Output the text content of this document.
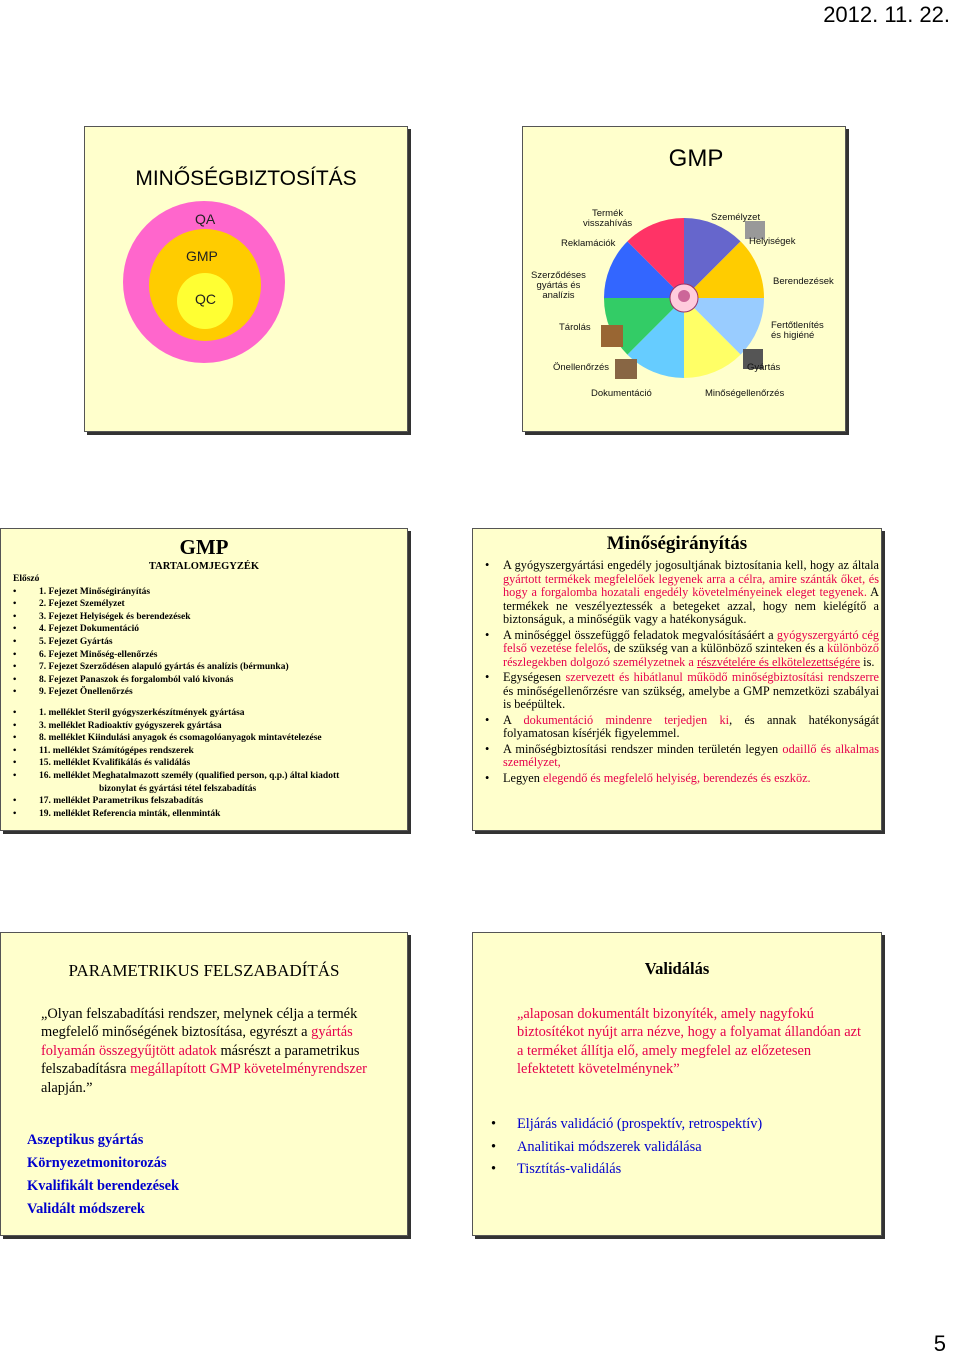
2012. 11. 22.
MINŐSÉGBIZTOSÍTÁS
QA
GMP
QC
GMP
Termék
visszahívás
Személyzet
Reklamációk	Helyiségek
Szerződéses
gyártás és
analízis
Berendezések
Tárolás	Fertőtlenítés
és higiéné
Önellenőrzés	Gyártás
Dokumentáció	Minőségellenőrzés
GMP
TARTALOMJEGYZÉK
Előszó
• 1. Fejezet Minőségirányítás
• 2. Fejezet Személyzet
• 3. Fejezet Helyiségek és berendezések
• 4. Fejezet Dokumentáció
• 5. Fejezet Gyártás
• 6. Fejezet Minőség-ellenőrzés
• 7. Fejezet Szerződésen alapuló gyártás és analízis (bérmunka)
• 8. Fejezet Panaszok és forgalomból való kivonás
• 9. Fejezet Önellenőrzés
• 1. melléklet Steril gyógyszerkészítmények gyártása
• 3. melléklet Radioaktív gyógyszerek gyártása
• 8. melléklet Kiindulási anyagok és csomagolóanyagok mintavételezése
• 11. melléklet Számítógépes rendszerek
• 15. melléklet Kvalifikálás és validálás
• 16. melléklet Meghatalmazott személy (qualified person, q.p.) által kiadott
bizonylat és gyártási tétel felszabadítás
• 17. melléklet Parametrikus felszabadítás
• 19. melléklet Referencia minták, ellenminták
Minőségirányítás
• A gyógyszergyártási engedély jogosultjának biztosítania kell, hogy az általa gyártott termékek megfelelőek legyenek arra a célra, amire szánták őket, és hogy a forgalomba hozatali engedély követelményeinek eleget tegyenek. A termékek ne veszélyeztessék a betegeket azzal, hogy nem kielégítő a biztonságuk, a minőségük vagy a hatékonyságuk.
• A minőséggel összefüggő feladatok megvalósításáért a gyógyszergyártó cég felső vezetése felelős, de szükség van a különböző szinteken és a különböző részlegekben dolgozó személyzetnek a részvételére és elkötelezettségére is.
• Egységesen szervezett és hibátlanul működő minőségbiztosítási rendszerre és minőségellenőrzésre van szükség, amelybe a GMP nemzetközi szabályai is beépültek.
• A dokumentáció mindenre terjedjen ki, és annak hatékonyságát folyamatosan kísérjék figyelemmel.
• A minőségbiztosítási rendszer minden területén legyen odaillő és alkalmas személyzet,
• Legyen elegendő és megfelelő helyiség, berendezés és eszköz.
PARAMETRIKUS FELSZABADÍTÁS
„Olyan felszabadítási rendszer, melynek célja a termék megfelelő minőségének biztosítása, egyrészt a gyártás folyamán összegyűjtött adatok másrészt a parametrikus felszabadításra megállapított GMP követelményrendszer alapján.”
Aszeptikus gyártás
Környezetmonitorozás
Kvalifikált berendezések
Validált módszerek
Validálás
„alaposan dokumentált bizonyíték, amely nagyfokú biztosítékot nyújt arra nézve, hogy a folyamat állandóan azt a terméket állítja elő, amely megfelel az előzetesen lefektetett követelménynek”
• Eljárás validáció (prospektív, retrospektív)
• Analitikai módszerek validálása
• Tisztítás-validálás
5
